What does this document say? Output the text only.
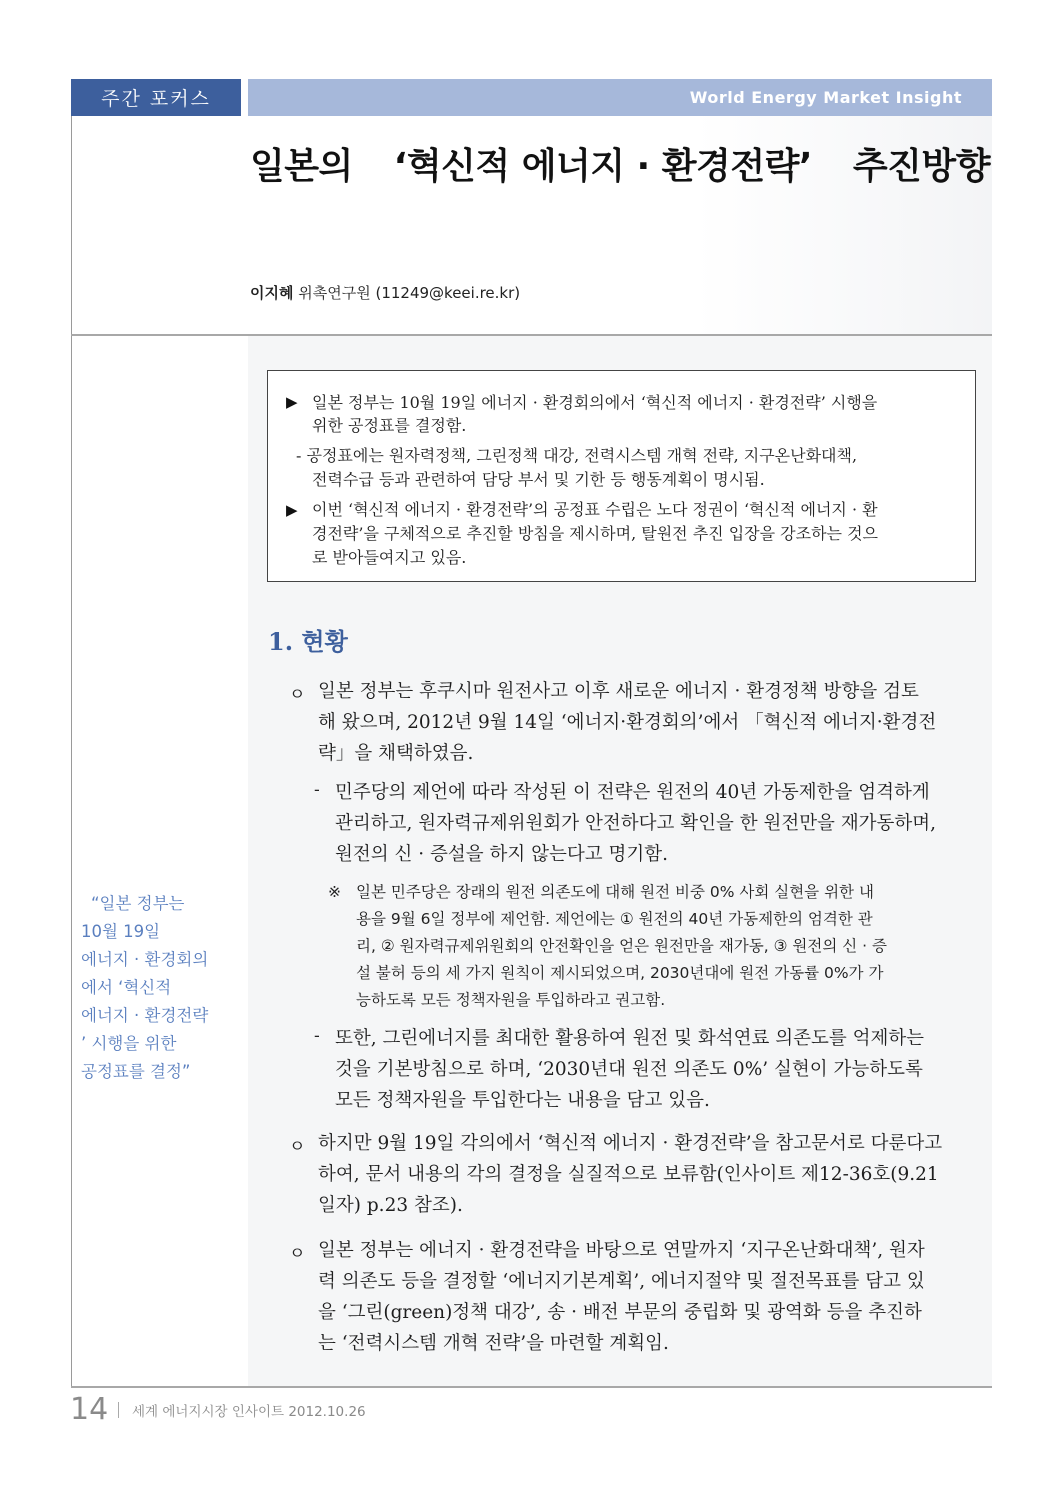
주간 포커스	World Energy Market Insight
일본의 ‘혁신적 에너지 · 환경전략’ 추진방향
이지혜 위촉연구원 (11249@keei.re.kr)
▶ 일본 정부는 10월 19일 에너지 · 환경회의에서 ‘혁신적 에너지 · 환경전략’ 시행을
위한 공정표를 결정함.
- 공정표에는 원자력정책, 그린정책 대강, 전력시스템 개혁 전략, 지구온난화대책,
전력수급 등과 관련하여 담당 부서 및 기한 등 행동계획이 명시됨.
▶ 이번 ‘혁신적 에너지 · 환경전략’의 공정표 수립은 노다 정권이 ‘혁신적 에너지 · 환
경전략’을 구체적으로 추진할 방침을 제시하며, 탈원전 추진 입장을 강조하는 것으
로 받아들여지고 있음.
1. 현황
ㅇ 일본 정부는 후쿠시마 원전사고 이후 새로운 에너지 · 환경정책 방향을 검토
해 왔으며, 2012년 9월 14일 ‘에너지·환경회의’에서 「혁신적 에너지·환경전
략」을 채택하였음.
- 민주당의 제언에 따라 작성된 이 전략은 원전의 40년 가동제한을 엄격하게
관리하고, 원자력규제위원회가 안전하다고 확인을 한 원전만을 재가동하며,
원전의 신 · 증설을 하지 않는다고 명기함.
※ 일본 민주당은 장래의 원전 의존도에 대해 원전 비중 0% 사회 실현을 위한 내
용을 9월 6일 정부에 제언함. 제언에는 ① 원전의 40년 가동제한의 엄격한 관
리, ② 원자력규제위원회의 안전확인을 얻은 원전만을 재가동, ③ 원전의 신 · 증
설 불허 등의 세 가지 원칙이 제시되었으며, 2030년대에 원전 가동률 0%가 가
능하도록 모든 정책자원을 투입하라고 권고함.
- 또한, 그린에너지를 최대한 활용하여 원전 및 화석연료 의존도를 억제하는
것을 기본방침으로 하며, ‘2030년대 원전 의존도 0%’ 실현이 가능하도록
모든 정책자원을 투입한다는 내용을 담고 있음.
ㅇ 하지만 9월 19일 각의에서 ‘혁신적 에너지 · 환경전략’을 참고문서로 다룬다고
하여, 문서 내용의 각의 결정을 실질적으로 보류함(인사이트 제12-36호(9.21
일자) p.23 참조).
ㅇ 일본 정부는 에너지 · 환경전략을 바탕으로 연말까지 ‘지구온난화대책’, 원자
력 의존도 등을 결정할 ‘에너지기본계획’, 에너지절약 및 절전목표를 담고 있
을 ‘그린(green)정책 대강’, 송 · 배전 부문의 중립화 및 광역화 등을 추진하
는 ‘전력시스템 개혁 전략’을 마련할 계획임.
“일본 정부는
10월 19일
에너지 · 환경회의
에서 ‘혁신적
에너지 · 환경전략
’ 시행을 위한
공정표를 결정”
14 세계 에너지시장 인사이트 2012.10.26
